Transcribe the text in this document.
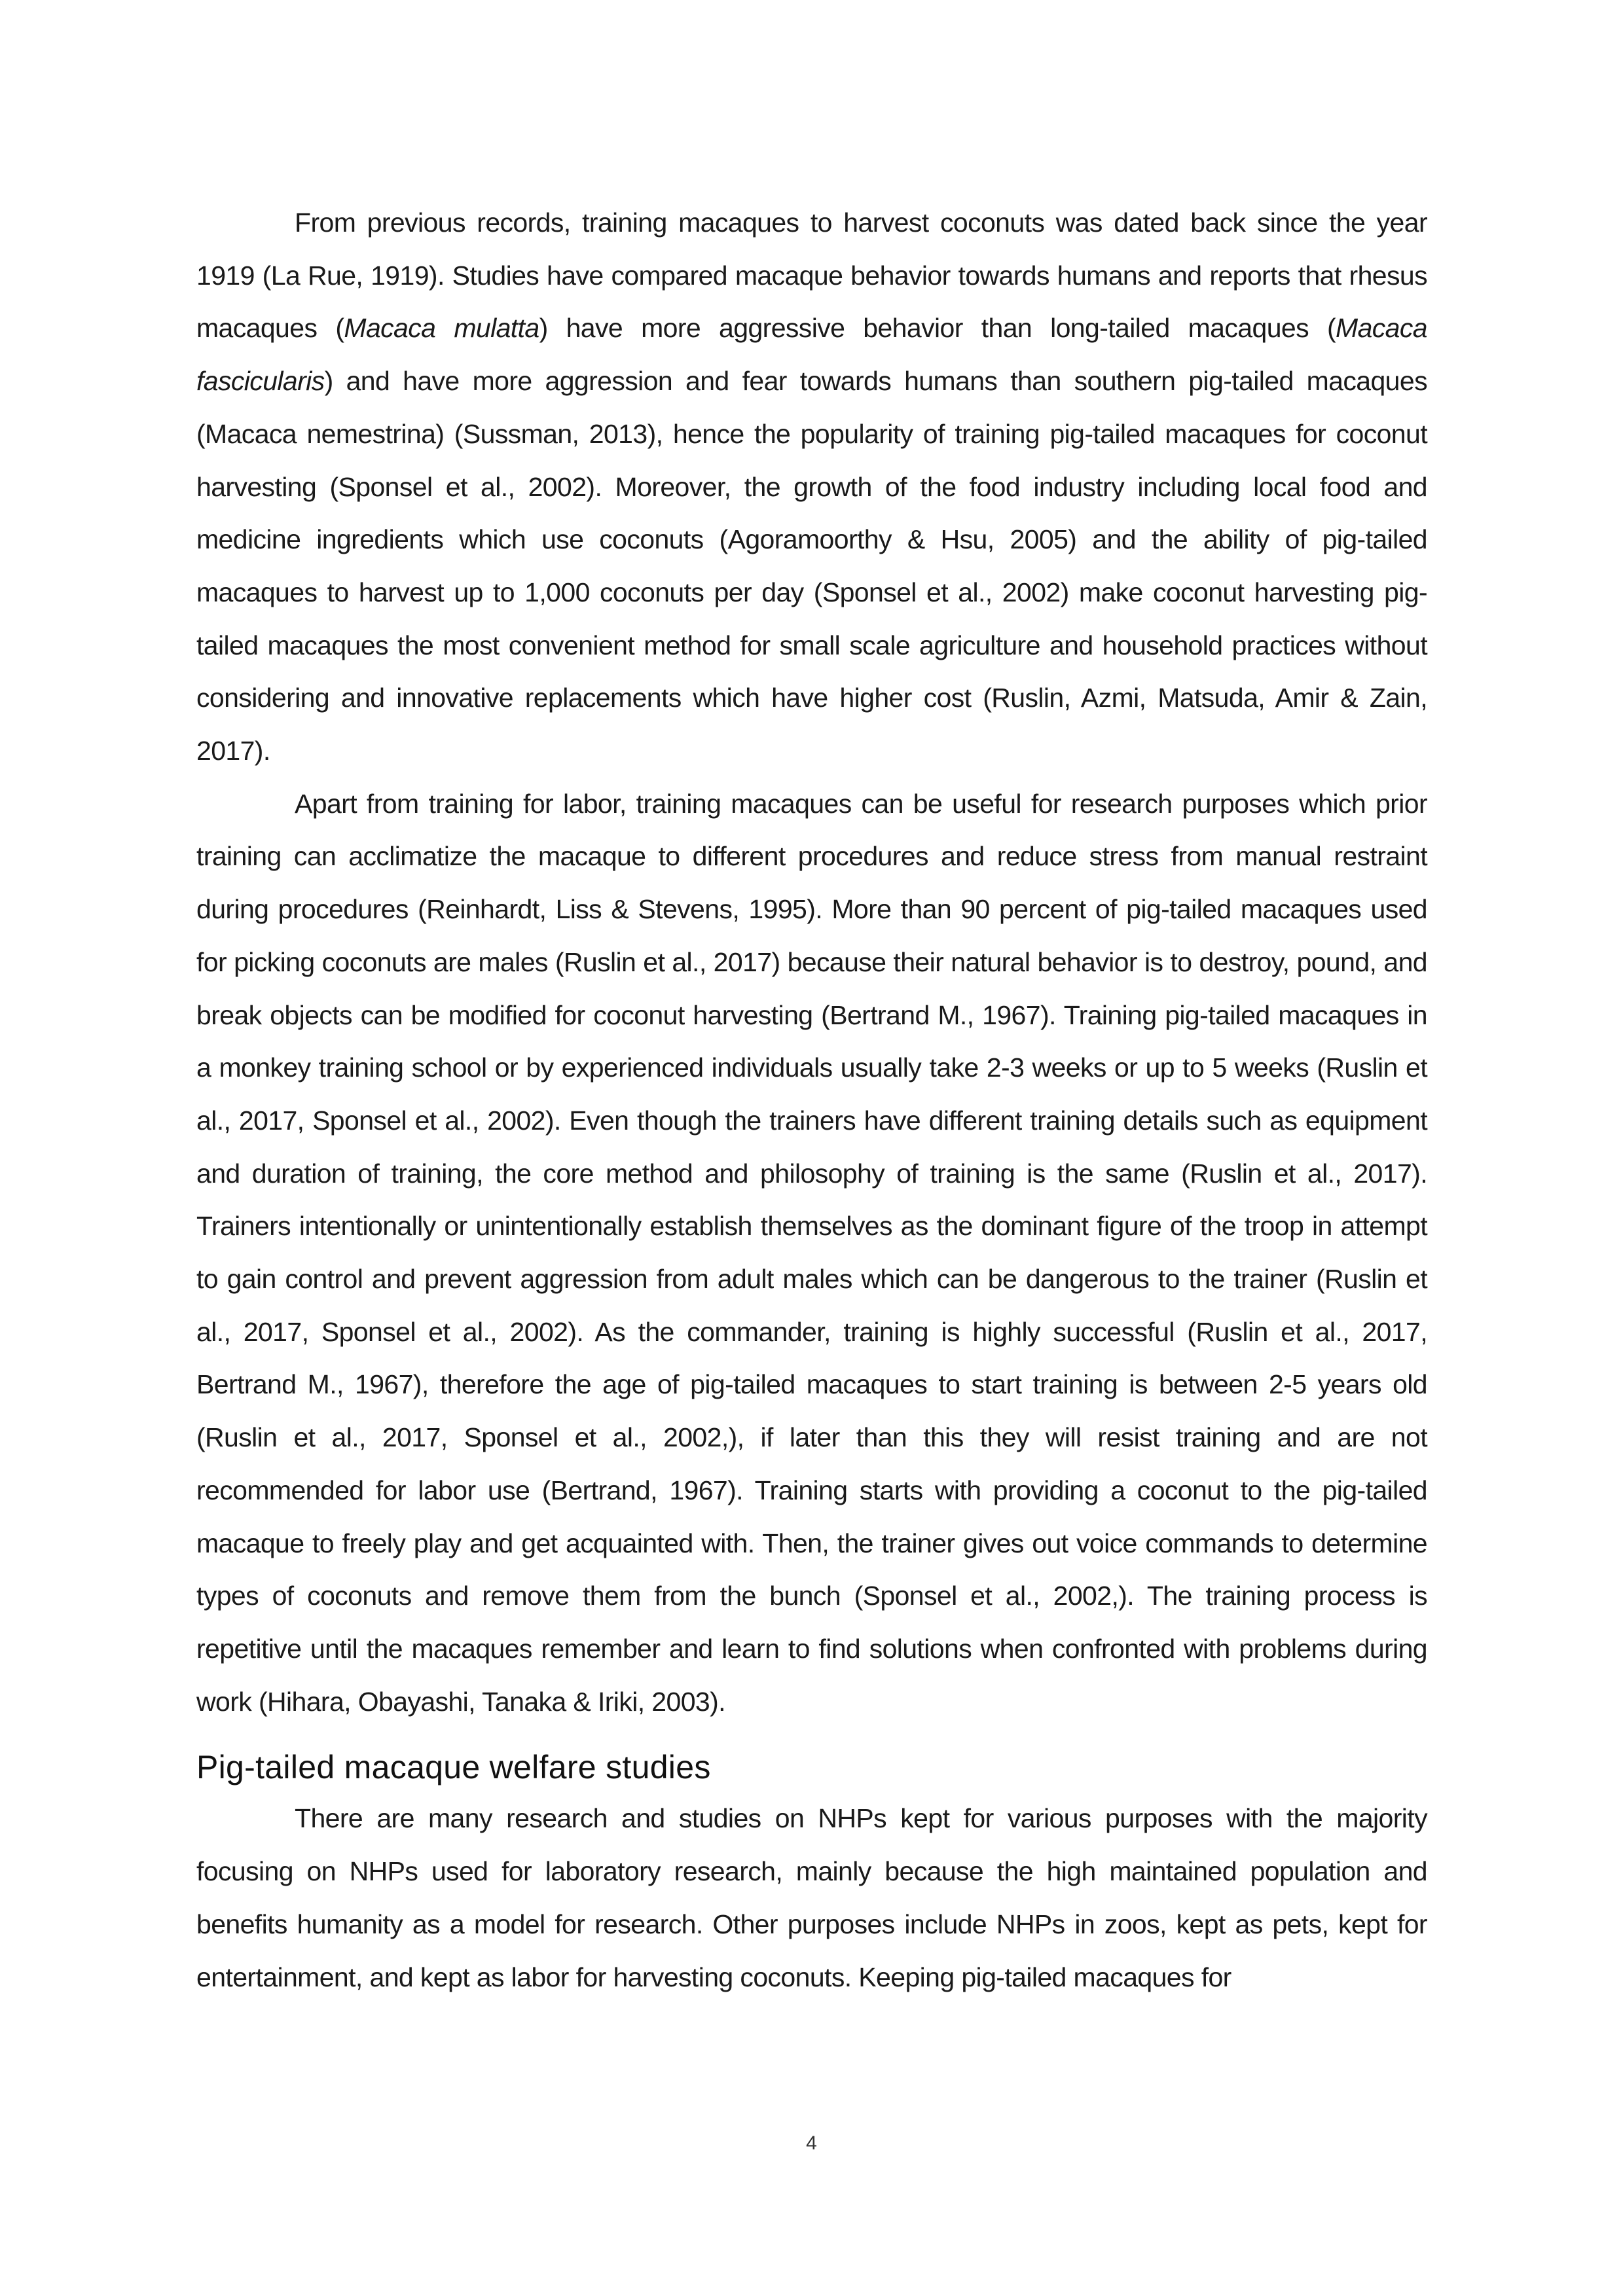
From previous records, training macaques to harvest coconuts was dated back since the year 1919 (La Rue, 1919). Studies have compared macaque behavior towards humans and reports that rhesus macaques (Macaca mulatta) have more aggressive behavior than long-tailed macaques (Macaca fascicularis) and have more aggression and fear towards humans than southern pig-tailed macaques (Macaca nemestrina) (Sussman, 2013), hence the popularity of training pig-tailed macaques for coconut harvesting (Sponsel et al., 2002). Moreover, the growth of the food industry including local food and medicine ingredients which use coconuts (Agoramoorthy & Hsu, 2005) and the ability of pig-tailed macaques to harvest up to 1,000 coconuts per day (Sponsel et al., 2002) make coconut harvesting pig-tailed macaques the most convenient method for small scale agriculture and household practices without considering and innovative replacements which have higher cost (Ruslin, Azmi, Matsuda, Amir & Zain, 2017).

Apart from training for labor, training macaques can be useful for research purposes which prior training can acclimatize the macaque to different procedures and reduce stress from manual restraint during procedures (Reinhardt, Liss & Stevens, 1995). More than 90 percent of pig-tailed macaques used for picking coconuts are males (Ruslin et al., 2017) because their natural behavior is to destroy, pound, and break objects can be modified for coconut harvesting (Bertrand M., 1967). Training pig-tailed macaques in a monkey training school or by experienced individuals usually take 2-3 weeks or up to 5 weeks (Ruslin et al., 2017, Sponsel et al., 2002). Even though the trainers have different training details such as equipment and duration of training, the core method and philosophy of training is the same (Ruslin et al., 2017). Trainers intentionally or unintentionally establish themselves as the dominant figure of the troop in attempt to gain control and prevent aggression from adult males which can be dangerous to the trainer (Ruslin et al., 2017, Sponsel et al., 2002). As the commander, training is highly successful (Ruslin et al., 2017, Bertrand M., 1967), therefore the age of pig-tailed macaques to start training is between 2-5 years old (Ruslin et al., 2017, Sponsel et al., 2002,), if later than this they will resist training and are not recommended for labor use (Bertrand, 1967). Training starts with providing a coconut to the pig-tailed macaque to freely play and get acquainted with. Then, the trainer gives out voice commands to determine types of coconuts and remove them from the bunch (Sponsel et al., 2002,). The training process is repetitive until the macaques remember and learn to find solutions when confronted with problems during work (Hihara, Obayashi, Tanaka & Iriki, 2003).

Pig-tailed macaque welfare studies

There are many research and studies on NHPs kept for various purposes with the majority focusing on NHPs used for laboratory research, mainly because the high maintained population and benefits humanity as a model for research. Other purposes include NHPs in zoos, kept as pets, kept for entertainment, and kept as labor for harvesting coconuts. Keeping pig-tailed macaques for

4
